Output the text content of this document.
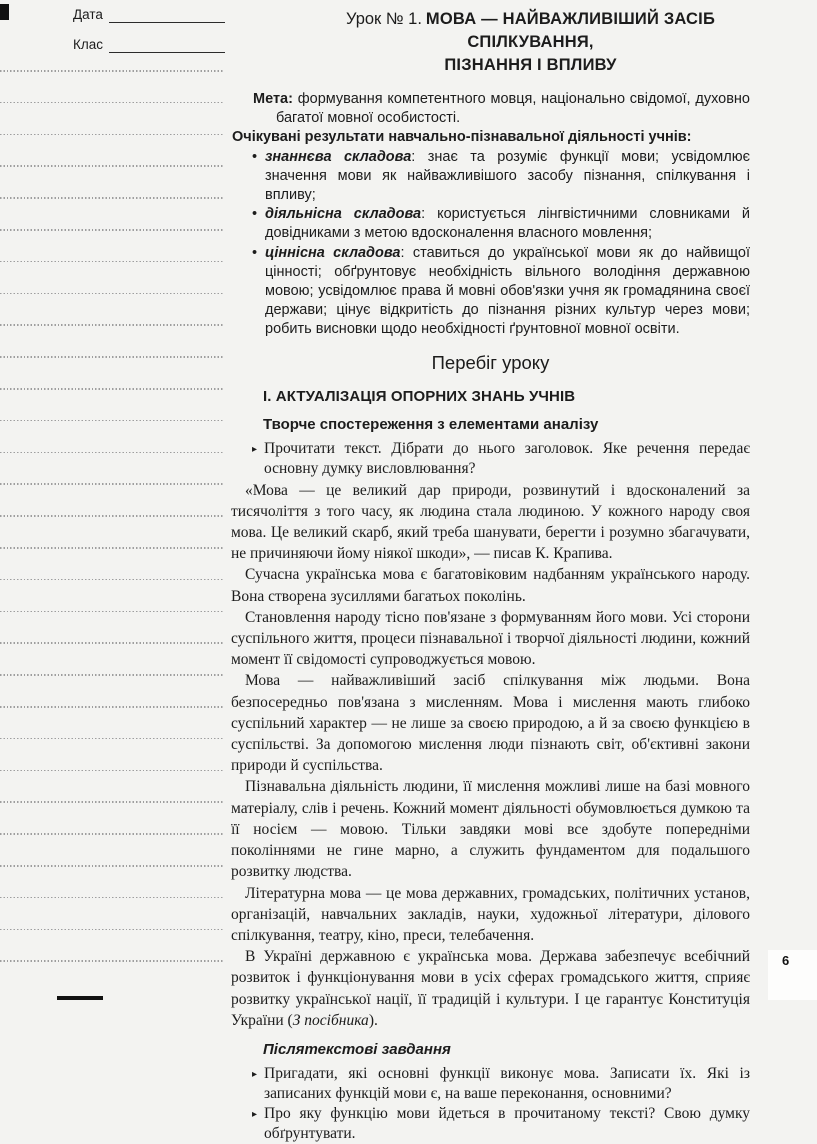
Дата
Клас
Урок № 1. МОВА — НАЙВАЖЛИВІШИЙ ЗАСІБ СПІЛКУВАННЯ,
ПІЗНАННЯ І ВПЛИВУ

Мета: формування компетентного мовця, національно свідомої, духовно багатої мовної особистості.

Очікувані результати навчально-пізнавальної діяльності учнів:

• знаннєва складова: знає та розуміє функції мови; усвідомлює значення мови як найважливішого засобу пізнання, спілкування і впливу;
• діяльнісна складова: користується лінгвістичними словниками й довідниками з метою вдосконалення власного мовлення;
• ціннісна складова: ставиться до української мови як до найвищої цінності; обґрунтовує необхідність вільного володіння державною мовою; усвідомлює права й мовні обов'язки учня як громадянина своєї держави; цінує відкритість до пізнання різних культур через мови; робить висновки щодо необхідності ґрунтовної мовної освіти.
Перебіг уроку
І. АКТУАЛІЗАЦІЯ ОПОРНИХ ЗНАНЬ УЧНІВ
Творче спостереження з елементами аналізу
▸ Прочитати текст. Дібрати до нього заголовок. Яке речення передає основну думку висловлювання?

«Мова — це великий дар природи, розвинутий і вдосконалений за тисячоліття з того часу, як людина стала людиною. У кожного народу своя мова. Це великий скарб, який треба шанувати, берегти і розумно збагачувати, не причиняючи йому ніякої шкоди», — писав К. Крапива.

Сучасна українська мова є багатовіковим надбанням українського народу. Вона створена зусиллями багатьох поколінь.

Становлення народу тісно пов'язане з формуванням його мови. Усі сторони суспільного життя, процеси пізнавальної і творчої діяльності людини, кожний момент її свідомості супроводжується мовою.

Мова — найважливіший засіб спілкування між людьми. Вона безпосередньо пов'язана з мисленням. Мова і мислення мають глибоко суспільний характер — не лише за своєю природою, а й за своєю функцією в суспільстві. За допомогою мислення люди пізнають світ, об'єктивні закони природи й суспільства.

Пізнавальна діяльність людини, її мислення можливі лише на базі мовного матеріалу, слів і речень. Кожний момент діяльності обумовлюється думкою та її носієм — мовою. Тільки завдяки мові все здобуте попередніми поколіннями не гине марно, а служить фундаментом для подальшого розвитку людства.

Літературна мова — це мова державних, громадських, політичних установ, організацій, навчальних закладів, науки, художньої літератури, ділового спілкування, театру, кіно, преси, телебачення.

В Україні державною є українська мова. Держава забезпечує всебічний розвиток і функціонування мови в усіх сферах громадського життя, сприяє розвитку української нації, її традицій і культури. І це гарантує Конституція України (З посібника).

Післятекстові завдання
▸ Пригадати, які основні функції виконує мова. Записати їх. Які із записаних функцій мови є, на ваше переконання, основними?
▸ Про яку функцію мови йдеться в прочитаному тексті? Свою думку обґрунтувати.
6
